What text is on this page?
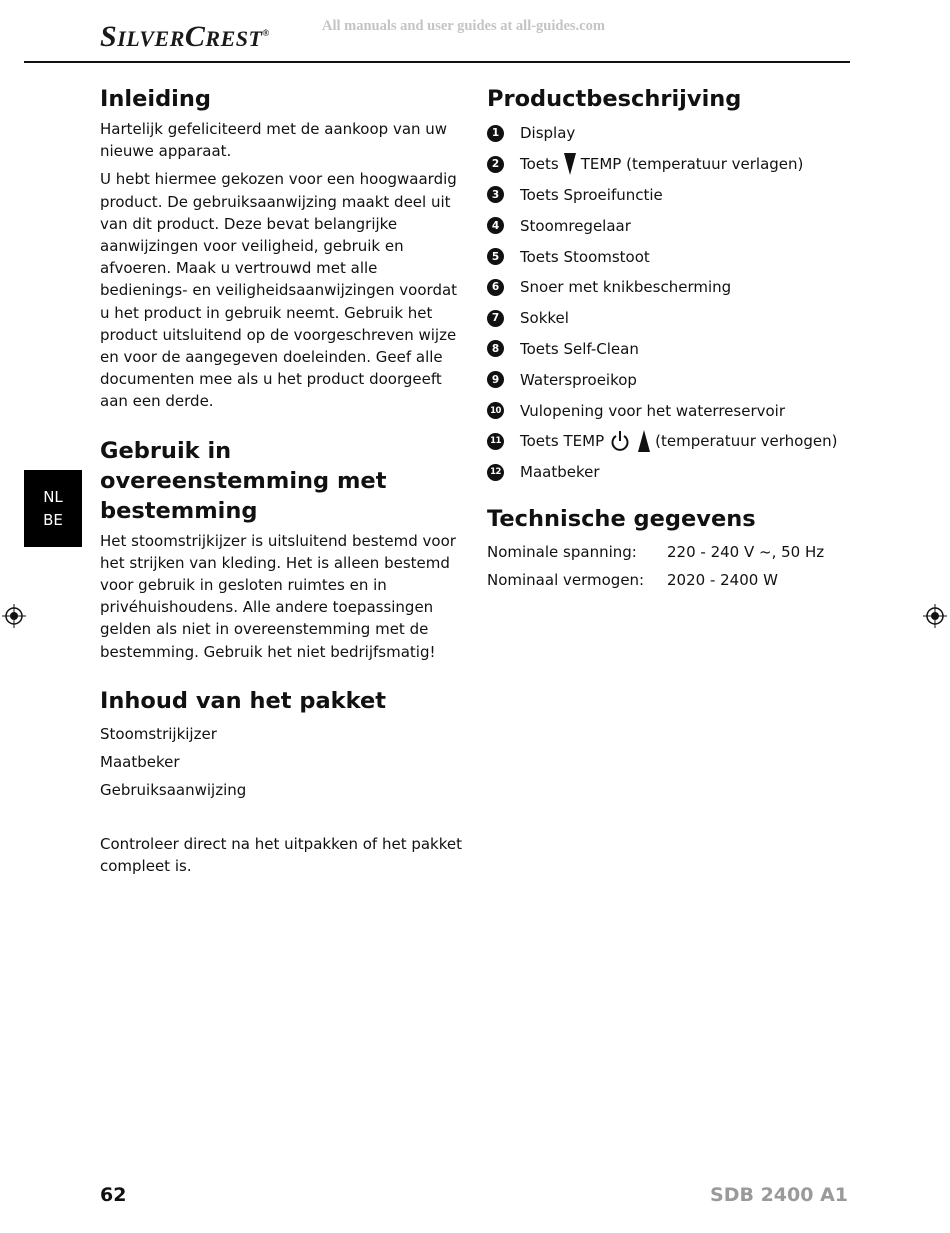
SILVERCREST®	All manuals and user guides at all-guides.com
NL
BE
Inleiding

Hartelijk gefeliciteerd met de aankoop van uw nieuwe apparaat.

U hebt hiermee gekozen voor een hoogwaardig product. De gebruiksaanwijzing maakt deel uit van dit product. Deze bevat belangrijke aanwijzingen voor veiligheid, gebruik en afvoeren. Maak u vertrouwd met alle bedienings- en veiligheidsaanwijzingen voordat u het product in gebruik neemt. Gebruik het product uitsluitend op de voorgeschreven wijze en voor de aangegeven doeleinden. Geef alle documenten mee als u het product doorgeeft aan een derde.

Gebruik in overeenstemming met bestemming

Het stoomstrijkijzer is uitsluitend bestemd voor het strijken van kleding. Het is alleen bestemd voor gebruik in gesloten ruimtes en in privéhuishoudens. Alle andere toepassingen gelden als niet in overeenstemming met de bestemming. Gebruik het niet bedrijfsmatig!

Inhoud van het pakket
Stoomstrijkijzer
Maatbeker
Gebruiksaanwijzing

Controleer direct na het uitpakken of het pakket compleet is.

Productbeschrijving
1	Display
2	Toets TEMP (temperatuur verlagen)
3	Toets Sproeifunctie
4	Stoomregelaar
5	Toets Stoomstoot
6	Snoer met knikbescherming
7	Sokkel
8	Toets Self-Clean
9	Watersproeikop
10 Vulopening voor het waterreservoir
11 Toets TEMP	(temperatuur verhogen)
12 Maatbeker
Technische gegevens
Nominale spanning:	220 - 240 V ~, 50 Hz
Nominaal vermogen:	2020 - 2400 W
62	SDB 2400 A1
